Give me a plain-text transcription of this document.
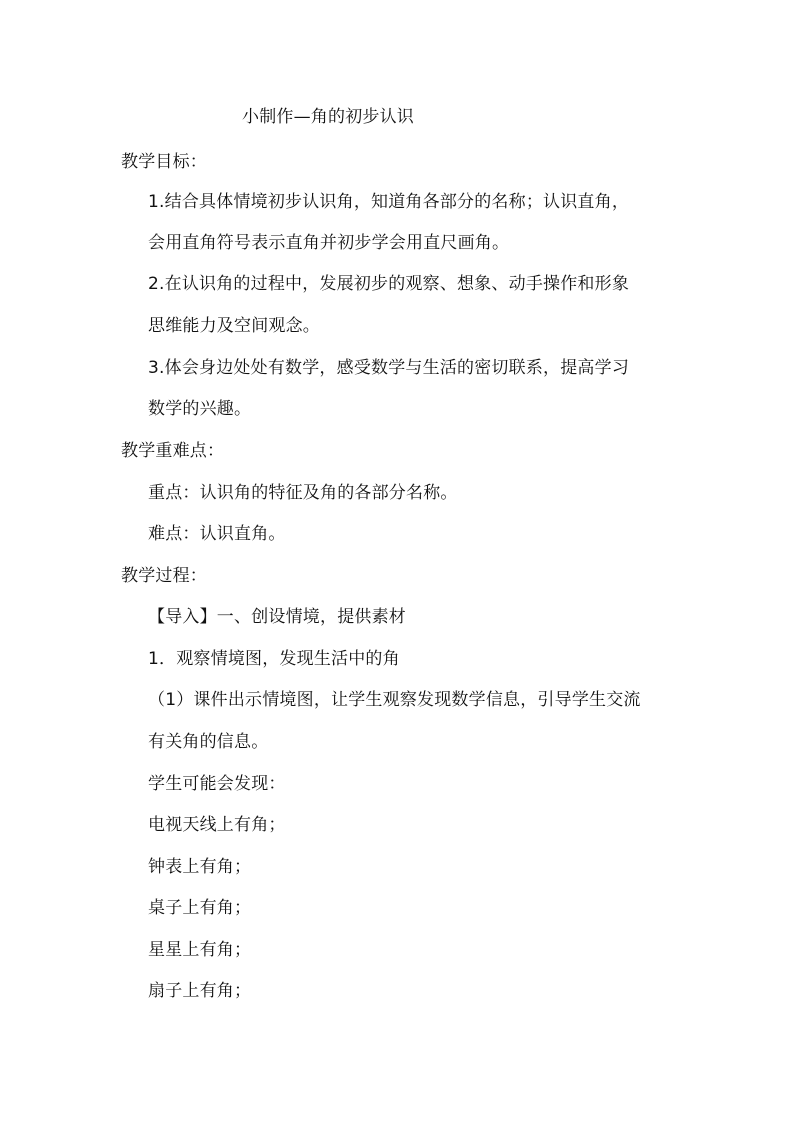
小制作—角的初步认识
教学目标：
1.结合具体情境初步认识角，知道角各部分的名称；认识直角，
会用直角符号表示直角并初步学会用直尺画角。
2.在认识角的过程中，发展初步的观察、想象、动手操作和形象
思维能力及空间观念。
3.体会身边处处有数学，感受数学与生活的密切联系，提高学习
数学的兴趣。
教学重难点：
重点：认识角的特征及角的各部分名称。
难点：认识直角。
教学过程：
【导入】一、创设情境，提供素材
1．观察情境图，发现生活中的角
（1）课件出示情境图，让学生观察发现数学信息，引导学生交流
有关角的信息。
学生可能会发现：
电视天线上有角；
钟表上有角；
桌子上有角；
星星上有角；
扇子上有角；
